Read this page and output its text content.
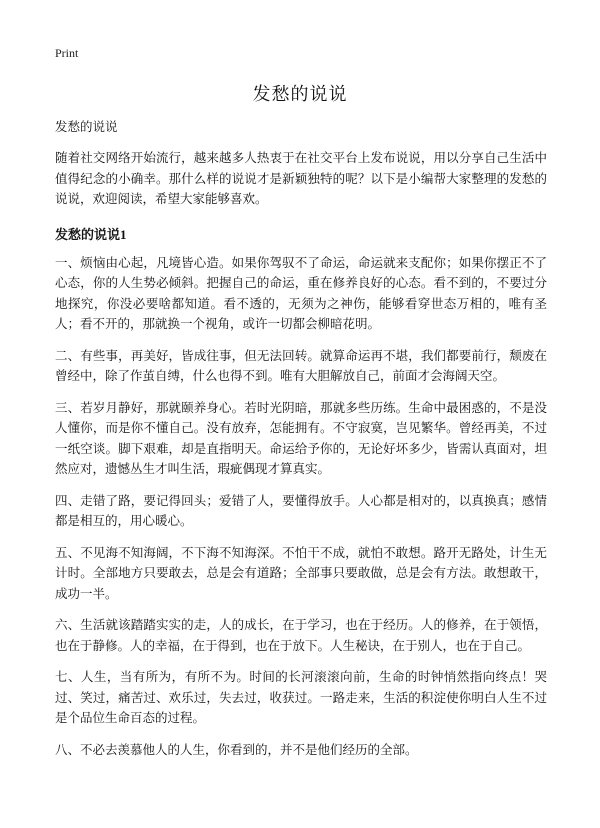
Print
发愁的说说
发愁的说说

随着社交网络开始流行，越来越多人热衷于在社交平台上发布说说，用以分享自己生活中值得纪念的小确幸。那什么样的说说才是新颖独特的呢？以下是小编帮大家整理的发愁的说说，欢迎阅读，希望大家能够喜欢。

发愁的说说1

一、烦恼由心起，凡境皆心造。如果你驾驭不了命运，命运就来支配你；如果你摆正不了心态，你的人生势必倾斜。把握自己的命运，重在修养良好的心态。看不到的，不要过分地探究，你没必要啥都知道。看不透的，无须为之神伤，能够看穿世态万相的，唯有圣人；看不开的，那就换一个视角，或许一切都会柳暗花明。

二、有些事，再美好，皆成往事，但无法回转。就算命运再不堪，我们都要前行，颓废在曾经中，除了作茧自缚，什么也得不到。唯有大胆解放自己，前面才会海阔天空。

三、若岁月静好，那就颐养身心。若时光阴暗，那就多些历练。生命中最困惑的，不是没人懂你，而是你不懂自己。没有放弃，怎能拥有。不守寂寞，岂见繁华。曾经再美，不过一纸空谈。脚下艰难，却是直指明天。命运给予你的，无论好坏多少，皆需认真面对，坦然应对，遗憾丛生才叫生活，瑕疵偶现才算真实。

四、走错了路，要记得回头；爱错了人，要懂得放手。人心都是相对的，以真换真；感情都是相互的，用心暖心。

五、不见海不知海阔，不下海不知海深。不怕干不成，就怕不敢想。路开无路处，计生无计时。全部地方只要敢去，总是会有道路；全部事只要敢做，总是会有方法。敢想敢干，成功一半。

六、生活就该踏踏实实的走，人的成长，在于学习，也在于经历。人的修养，在于领悟，也在于静修。人的幸福，在于得到，也在于放下。人生秘诀，在于别人，也在于自己。

七、人生，当有所为，有所不为。时间的长河滚滚向前，生命的时钟悄然指向终点！哭过、笑过，痛苦过、欢乐过，失去过，收获过。一路走来，生活的积淀使你明白人生不过是个品位生命百态的过程。

八、不必去羡慕他人的人生，你看到的，并不是他们经历的全部。
